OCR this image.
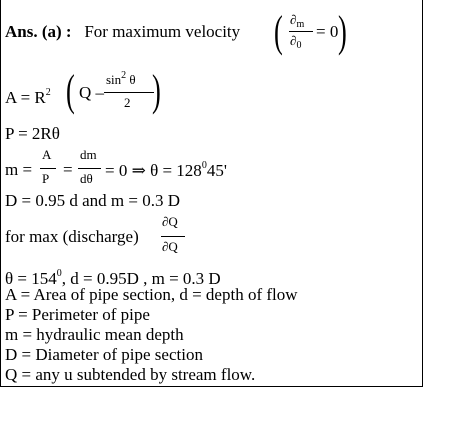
Ans. (a) : For maximum velocity ( $\partial_m$
$\partial_0$
= 0 )
$A = R^2$ ( Q –
$\sin^2 \theta$
2 )
P = 2Rθ
m =
A
P =
dm
dθ = 0 ⇒ $\theta = 128^045'$
D = 0.95 d and m = 0.3 D
for max (discharge)
∂Q
∂Q
$\theta = 154^0$, d = 0.95D , m = 0.3 D
A = Area of pipe section, d = depth of flow
P = Perimeter of pipe
m = hydraulic mean depth
D = Diameter of pipe section
Q = any u subtended by stream flow.
